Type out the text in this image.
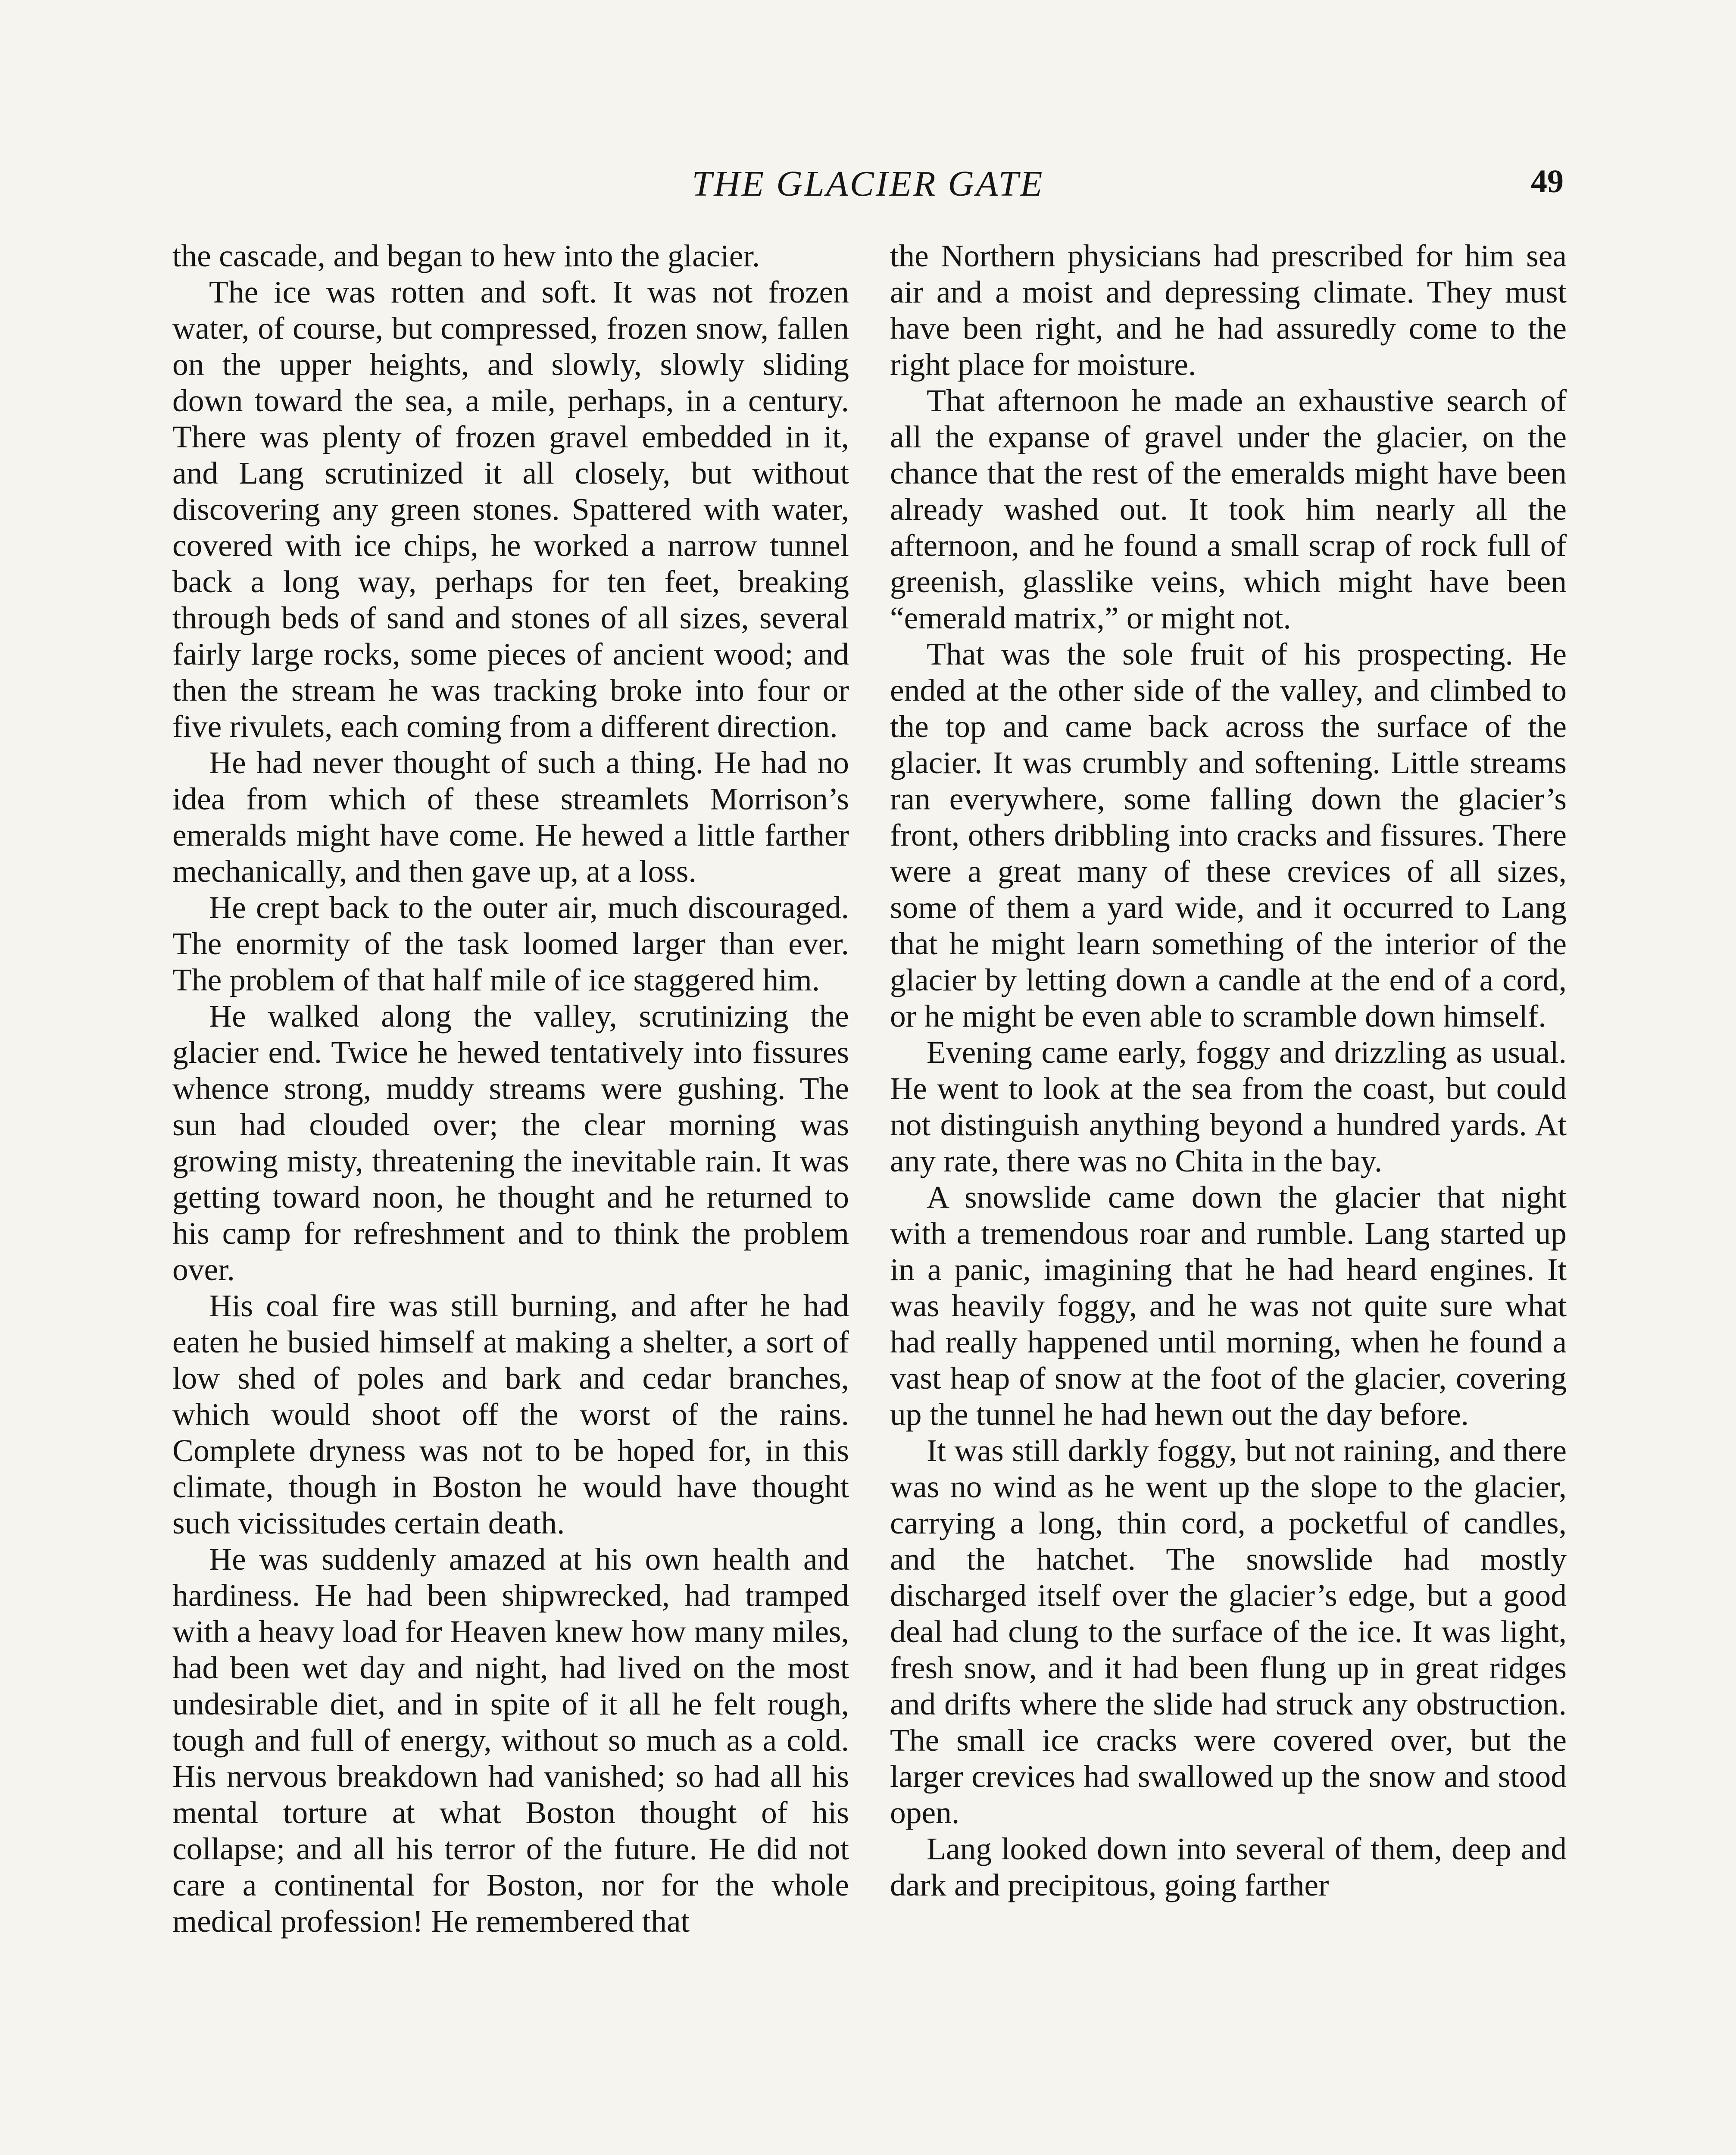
THE GLACIER GATE	49

the cascade, and began to hew into the glacier.

The ice was rotten and soft. It was not frozen water, of course, but compressed, frozen snow, fallen on the upper heights, and slowly, slowly sliding down toward the sea, a mile, perhaps, in a century. There was plenty of frozen gravel embedded in it, and Lang scrutinized it all closely, but without discovering any green stones. Spattered with water, covered with ice chips, he worked a narrow tunnel back a long way, perhaps for ten feet, breaking through beds of sand and stones of all sizes, several fairly large rocks, some pieces of ancient wood; and then the stream he was tracking broke into four or five rivulets, each coming from a different direction.

He had never thought of such a thing. He had no idea from which of these streamlets Morrison’s emeralds might have come. He hewed a little farther mechanically, and then gave up, at a loss.

He crept back to the outer air, much discouraged. The enormity of the task loomed larger than ever. The problem of that half mile of ice staggered him.

He walked along the valley, scrutinizing the glacier end. Twice he hewed tentatively into fissures whence strong, muddy streams were gushing. The sun had clouded over; the clear morning was growing misty, threatening the inevitable rain. It was getting toward noon, he thought and he returned to his camp for refreshment and to think the problem over.

His coal fire was still burning, and after he had eaten he busied himself at making a shelter, a sort of low shed of poles and bark and cedar branches, which would shoot off the worst of the rains. Complete dryness was not to be hoped for, in this climate, though in Boston he would have thought such vicissitudes certain death.

He was suddenly amazed at his own health and hardiness. He had been shipwrecked, had tramped with a heavy load for Heaven knew how many miles, had been wet day and night, had lived on the most undesirable diet, and in spite of it all he felt rough, tough and full of energy, without so much as a cold. His nervous breakdown had vanished; so had all his mental torture at what Boston thought of his collapse; and all his terror of the future. He did not care a continental for Boston, nor for the whole medical profession! He remembered that

the Northern physicians had prescribed for him sea air and a moist and depressing climate. They must have been right, and he had assuredly come to the right place for moisture.

That afternoon he made an exhaustive search of all the expanse of gravel under the glacier, on the chance that the rest of the emeralds might have been already washed out. It took him nearly all the afternoon, and he found a small scrap of rock full of greenish, glasslike veins, which might have been “emerald matrix,” or might not.

That was the sole fruit of his prospecting. He ended at the other side of the valley, and climbed to the top and came back across the surface of the glacier. It was crumbly and softening. Little streams ran everywhere, some falling down the glacier’s front, others dribbling into cracks and fissures. There were a great many of these crevices of all sizes, some of them a yard wide, and it occurred to Lang that he might learn something of the interior of the glacier by letting down a candle at the end of a cord, or he might be even able to scramble down himself.

Evening came early, foggy and drizzling as usual. He went to look at the sea from the coast, but could not distinguish anything beyond a hundred yards. At any rate, there was no Chita in the bay.

A snowslide came down the glacier that night with a tremendous roar and rumble. Lang started up in a panic, imagining that he had heard engines. It was heavily foggy, and he was not quite sure what had really happened until morning, when he found a vast heap of snow at the foot of the glacier, covering up the tunnel he had hewn out the day before.

It was still darkly foggy, but not raining, and there was no wind as he went up the slope to the glacier, carrying a long, thin cord, a pocketful of candles, and the hatchet. The snowslide had mostly discharged itself over the glacier’s edge, but a good deal had clung to the surface of the ice. It was light, fresh snow, and it had been flung up in great ridges and drifts where the slide had struck any obstruction. The small ice cracks were covered over, but the larger crevices had swallowed up the snow and stood open.

Lang looked down into several of them, deep and dark and precipitous, going farther
